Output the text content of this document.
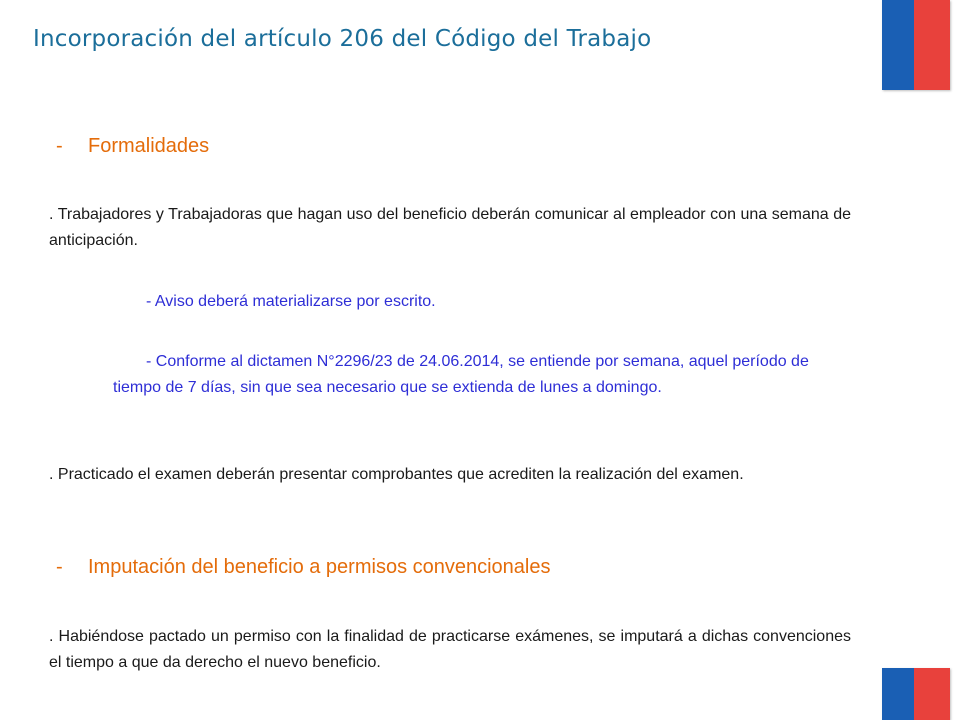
Incorporación del artículo 206 del Código del Trabajo
- Formalidades
. Trabajadores y Trabajadoras que hagan uso del beneficio deberán comunicar al empleador con una semana de anticipación.
- Aviso deberá materializarse por escrito.
- Conforme al dictamen N°2296/23 de 24.06.2014, se entiende por semana, aquel período de tiempo de 7 días, sin que sea necesario que se extienda de lunes a domingo.
. Practicado el examen deberán presentar comprobantes que acrediten la realización del examen.
- Imputación del beneficio a permisos convencionales
. Habiéndose pactado un permiso con la finalidad de practicarse exámenes, se imputará a dichas convenciones el tiempo a que da derecho el nuevo beneficio.
